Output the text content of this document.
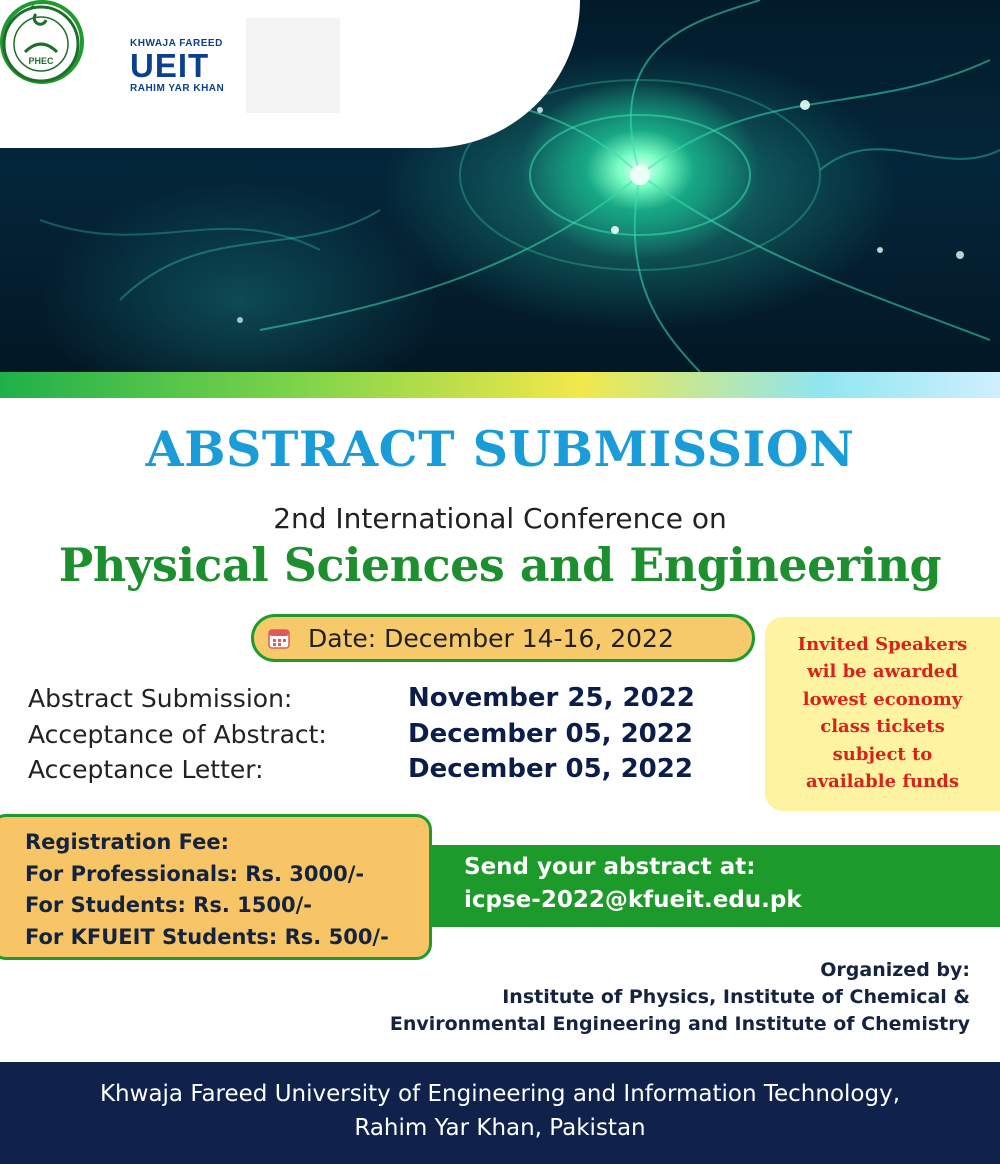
KHWAJA FAREED
UEIT
RAHIM YAR KHAN
PHEC
ABSTRACT SUBMISSION
2nd International Conference on
Physical Sciences and Engineering
Date: December 14-16, 2022
Abstract Submission:	November 25, 2022
Acceptance of Abstract:	December 05, 2022
Acceptance Letter:	December 05, 2022
Invited Speakers
wil be awarded
lowest economy
class tickets
subject to
available funds
Send your abstract at:
icpse-2022@kfueit.edu.pk
Registration Fee:
For Professionals: Rs. 3000/-
For Students: Rs. 1500/-
For KFUEIT Students: Rs. 500/-
Organized by:
Institute of Physics, Institute of Chemical &
Environmental Engineering and Institute of Chemistry
Khwaja Fareed University of Engineering and Information Technology,
Rahim Yar Khan, Pakistan
